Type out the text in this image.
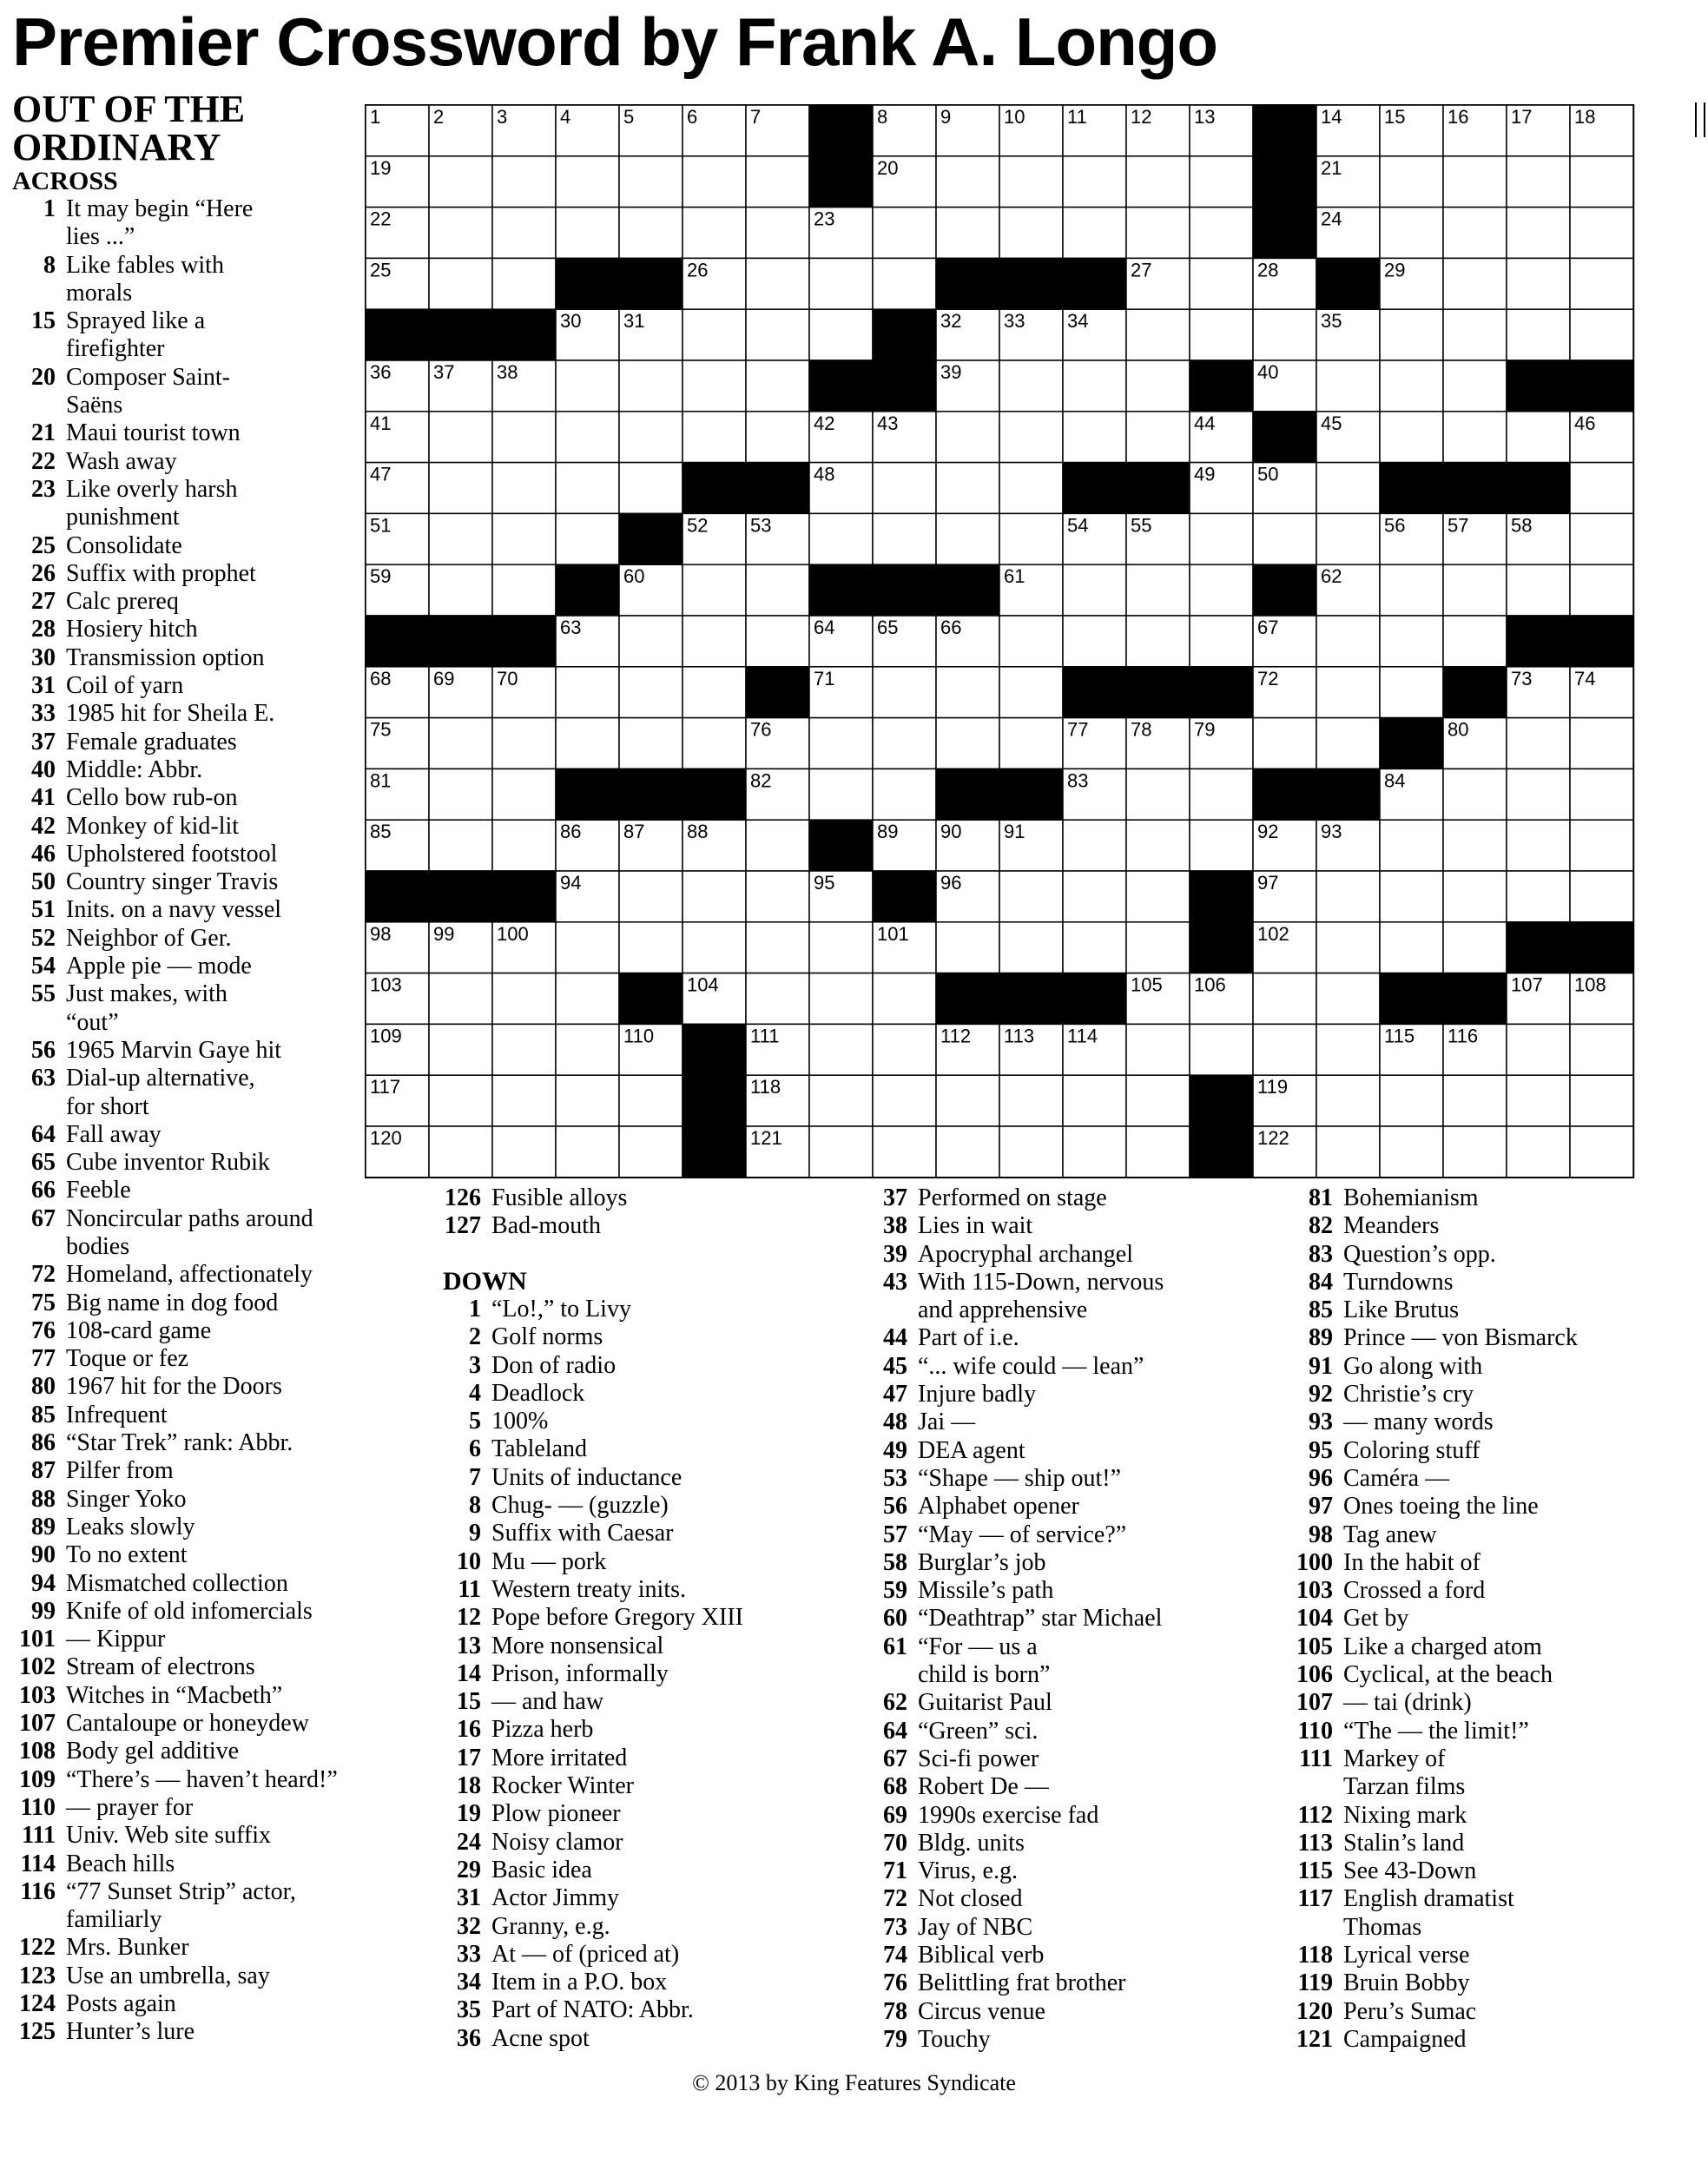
Premier Crossword by Frank A. Longo
OUT OF THE
ORDINARY
1	2	3	4	5	6	7	8	9	10 11 12 13	14 15 16 17 18
19	20	21
22	23	24
25	26	27	28	29
30 31	32 33 34	35
36 37 38	39	40
41	42 43	44	45	46
47	48	49 50
51	52 53	54 55	56 57 58
59	60	61	62
63	64 65 66	67
68 69 70	71	72	73 74
75	76	77 78 79	80
81	82	83	84
85	86 87 88	89 90 91	92 93
94	95	96	97
98 99 100	101	102
103	104	105 106	107 108
109	110	111	112 113 114	115 116
117	118	119
120	121	122
ACROSS
1 It may begin “Here
lies ...”
8 Like fables with
morals
15 Sprayed like a
firefighter
20 Composer Saint-
Saëns
21 Maui tourist town
22 Wash away
23 Like overly harsh
punishment
25 Consolidate
26 Suffix with prophet
27 Calc prereq
28 Hosiery hitch
30 Transmission option
31 Coil of yarn
33 1985 hit for Sheila E.
37 Female graduates
40 Middle: Abbr.
41 Cello bow rub-on
42 Monkey of kid-lit
46 Upholstered footstool
50 Country singer Travis
51 Inits. on a navy vessel
52 Neighbor of Ger.
54 Apple pie — mode
55 Just makes, with
“out”
56 1965 Marvin Gaye hit
63 Dial-up alternative,
for short
64 Fall away
65 Cube inventor Rubik
66 Feeble
67 Noncircular paths around
bodies
72 Homeland, affectionately
75 Big name in dog food
76 108-card game
77 Toque or fez
80 1967 hit for the Doors
85 Infrequent
86 “Star Trek” rank: Abbr.
87 Pilfer from
88 Singer Yoko
89 Leaks slowly
90 To no extent
94 Mismatched collection
99 Knife of old infomercials
101 — Kippur
102 Stream of electrons
103 Witches in “Macbeth”
107 Cantaloupe or honeydew
108 Body gel additive
109 “There’s — haven’t heard!”
110 — prayer for
111 Univ. Web site suffix
114 Beach hills
116 “77 Sunset Strip” actor,
familiarly
122 Mrs. Bunker
123 Use an umbrella, say
124 Posts again
125 Hunter’s lure
126 Fusible alloys
127 Bad-mouth
DOWN
1 “Lo!,” to Livy
2 Golf norms
3 Don of radio
4 Deadlock
5 100%
6 Tableland
7 Units of inductance
8 Chug- — (guzzle)
9 Suffix with Caesar
10 Mu — pork
11 Western treaty inits.
12 Pope before Gregory XIII
13 More nonsensical
14 Prison, informally
15 — and haw
16 Pizza herb
17 More irritated
18 Rocker Winter
19 Plow pioneer
24 Noisy clamor
29 Basic idea
31 Actor Jimmy
32 Granny, e.g.
33 At — of (priced at)
34 Item in a P.O. box
35 Part of NATO: Abbr.
36 Acne spot
37 Performed on stage
38 Lies in wait
39 Apocryphal archangel
43 With 115-Down, nervous
and apprehensive
44 Part of i.e.
45 “... wife could — lean”
47 Injure badly
48 Jai —
49 DEA agent
53 “Shape — ship out!”
56 Alphabet opener
57 “May — of service?”
58 Burglar’s job
59 Missile’s path
60 “Deathtrap” star Michael
61 “For — us a
child is born”
62 Guitarist Paul
64 “Green” sci.
67 Sci-fi power
68 Robert De —
69 1990s exercise fad
70 Bldg. units
71 Virus, e.g.
72 Not closed
73 Jay of NBC
74 Biblical verb
76 Belittling frat brother
78 Circus venue
79 Touchy
81 Bohemianism
82 Meanders
83 Question’s opp.
84 Turndowns
85 Like Brutus
89 Prince — von Bismarck
91 Go along with
92 Christie’s cry
93 — many words
95 Coloring stuff
96 Caméra —
97 Ones toeing the line
98 Tag anew
100 In the habit of
103 Crossed a ford
104 Get by
105 Like a charged atom
106 Cyclical, at the beach
107 — tai (drink)
110 “The — the limit!”
111 Markey of
Tarzan films
112 Nixing mark
113 Stalin’s land
115 See 43-Down
117 English dramatist
Thomas
118 Lyrical verse
119 Bruin Bobby
120 Peru’s Sumac
121 Campaigned
© 2013 by King Features Syndicate
